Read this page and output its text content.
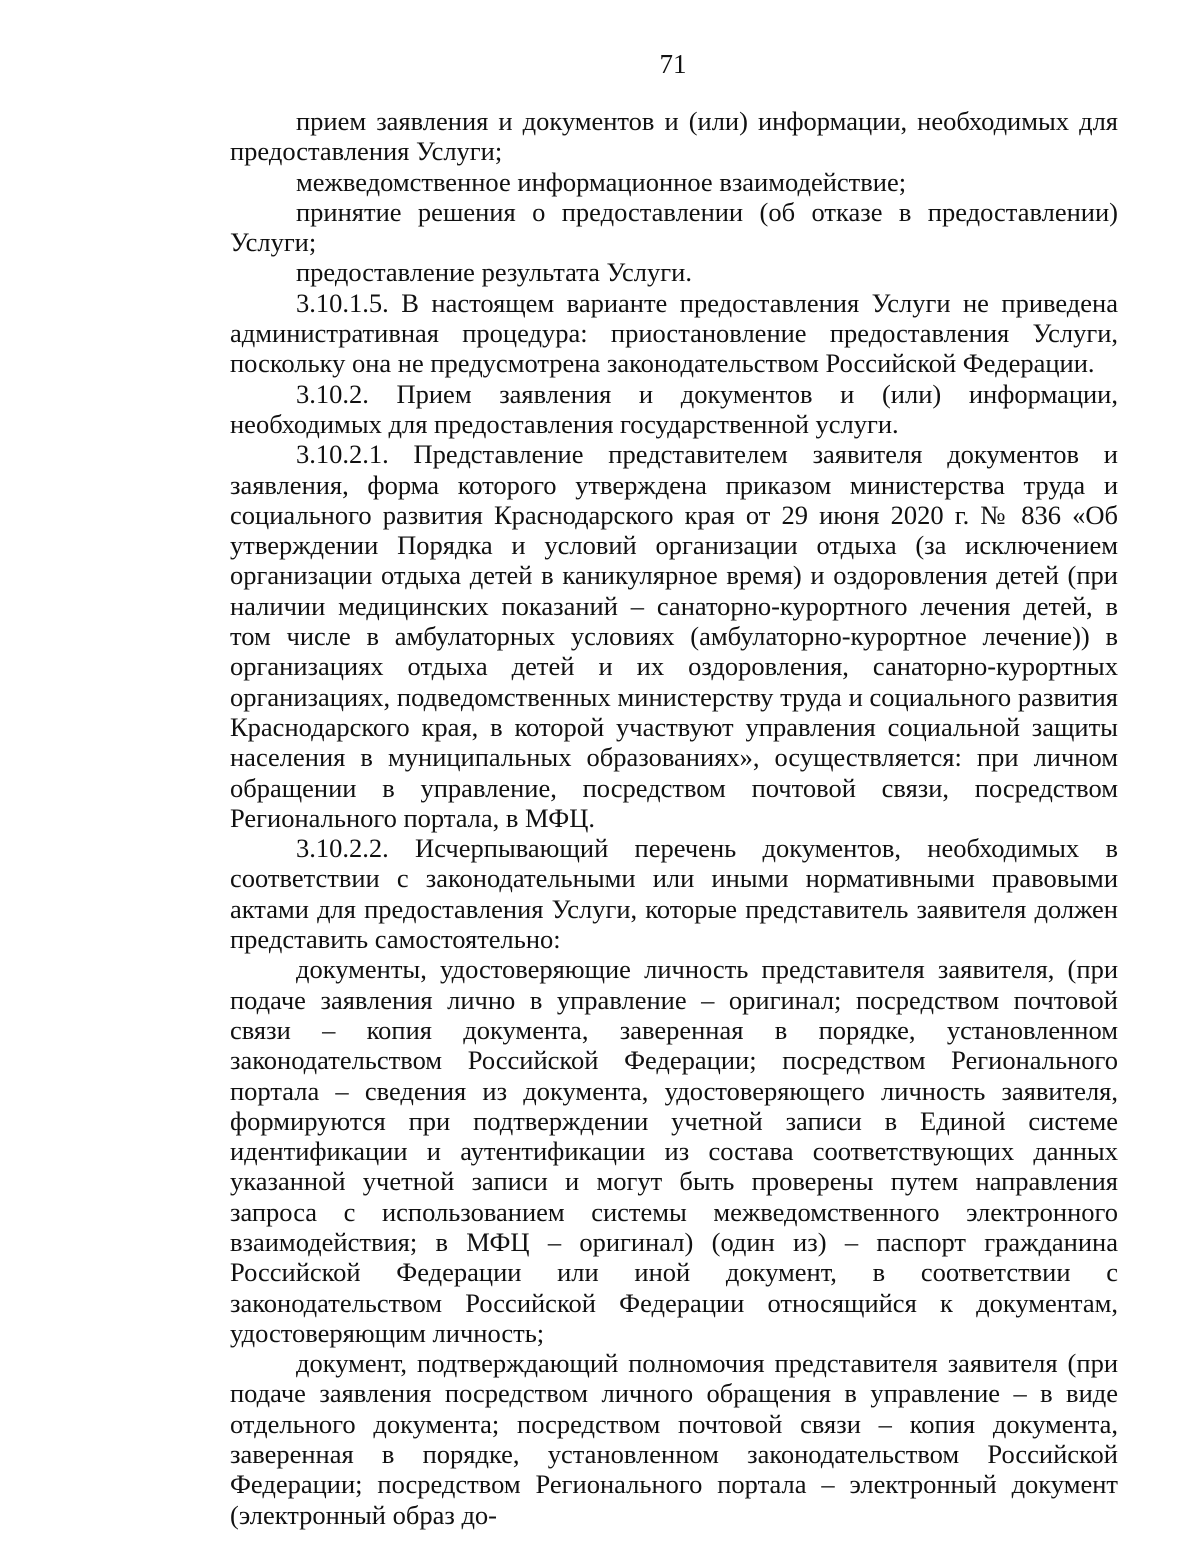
71

прием заявления и документов и (или) информации, необходимых для предоставления Услуги;

межведомственное информационное взаимодействие;

принятие решения о предоставлении (об отказе в предоставлении) Услуги;

предоставление результата Услуги.

3.10.1.5. В настоящем варианте предоставления Услуги не приведена административная процедура: приостановление предоставления Услуги, поскольку она не предусмотрена законодательством Российской Федерации.

3.10.2. Прием заявления и документов и (или) информации, необходимых для предоставления государственной услуги.

3.10.2.1. Представление представителем заявителя документов и заявления, форма которого утверждена приказом министерства труда и социального развития Краснодарского края от 29 июня 2020 г. № 836 «Об утверждении Порядка и условий организации отдыха (за исключением организации отдыха детей в каникулярное время) и оздоровления детей (при наличии медицинских показаний – санаторно-курортного лечения детей, в том числе в амбулаторных условиях (амбулаторно-курортное лечение)) в организациях отдыха детей и их оздоровления, санаторно-курортных организациях, подведомственных министерству труда и социального развития Краснодарского края, в которой участвуют управления социальной защиты населения в муниципальных образованиях», осуществляется: при личном обращении в управление, посредством почтовой связи, посредством Регионального портала, в МФЦ.

3.10.2.2. Исчерпывающий перечень документов, необходимых в соответствии с законодательными или иными нормативными правовыми актами для предоставления Услуги, которые представитель заявителя должен представить самостоятельно:

документы, удостоверяющие личность представителя заявителя, (при подаче заявления лично в управление – оригинал; посредством почтовой связи – копия документа, заверенная в порядке, установленном законодательством Российской Федерации; посредством Регионального портала – сведения из документа, удостоверяющего личность заявителя, формируются при подтверждении учетной записи в Единой системе идентификации и аутентификации из состава соответствующих данных указанной учетной записи и могут быть проверены путем направления запроса с использованием системы межведомственного электронного взаимодействия; в МФЦ – оригинал) (один из) – паспорт гражданина Российской Федерации или иной документ, в соответствии с законодательством Российской Федерации относящийся к документам, удостоверяющим личность;

документ, подтверждающий полномочия представителя заявителя (при подаче заявления посредством личного обращения в управление – в виде отдельного документа; посредством почтовой связи – копия документа, заверенная в порядке, установленном законодательством Российской Федерации; посредством Регионального портала – электронный документ (электронный образ до-
